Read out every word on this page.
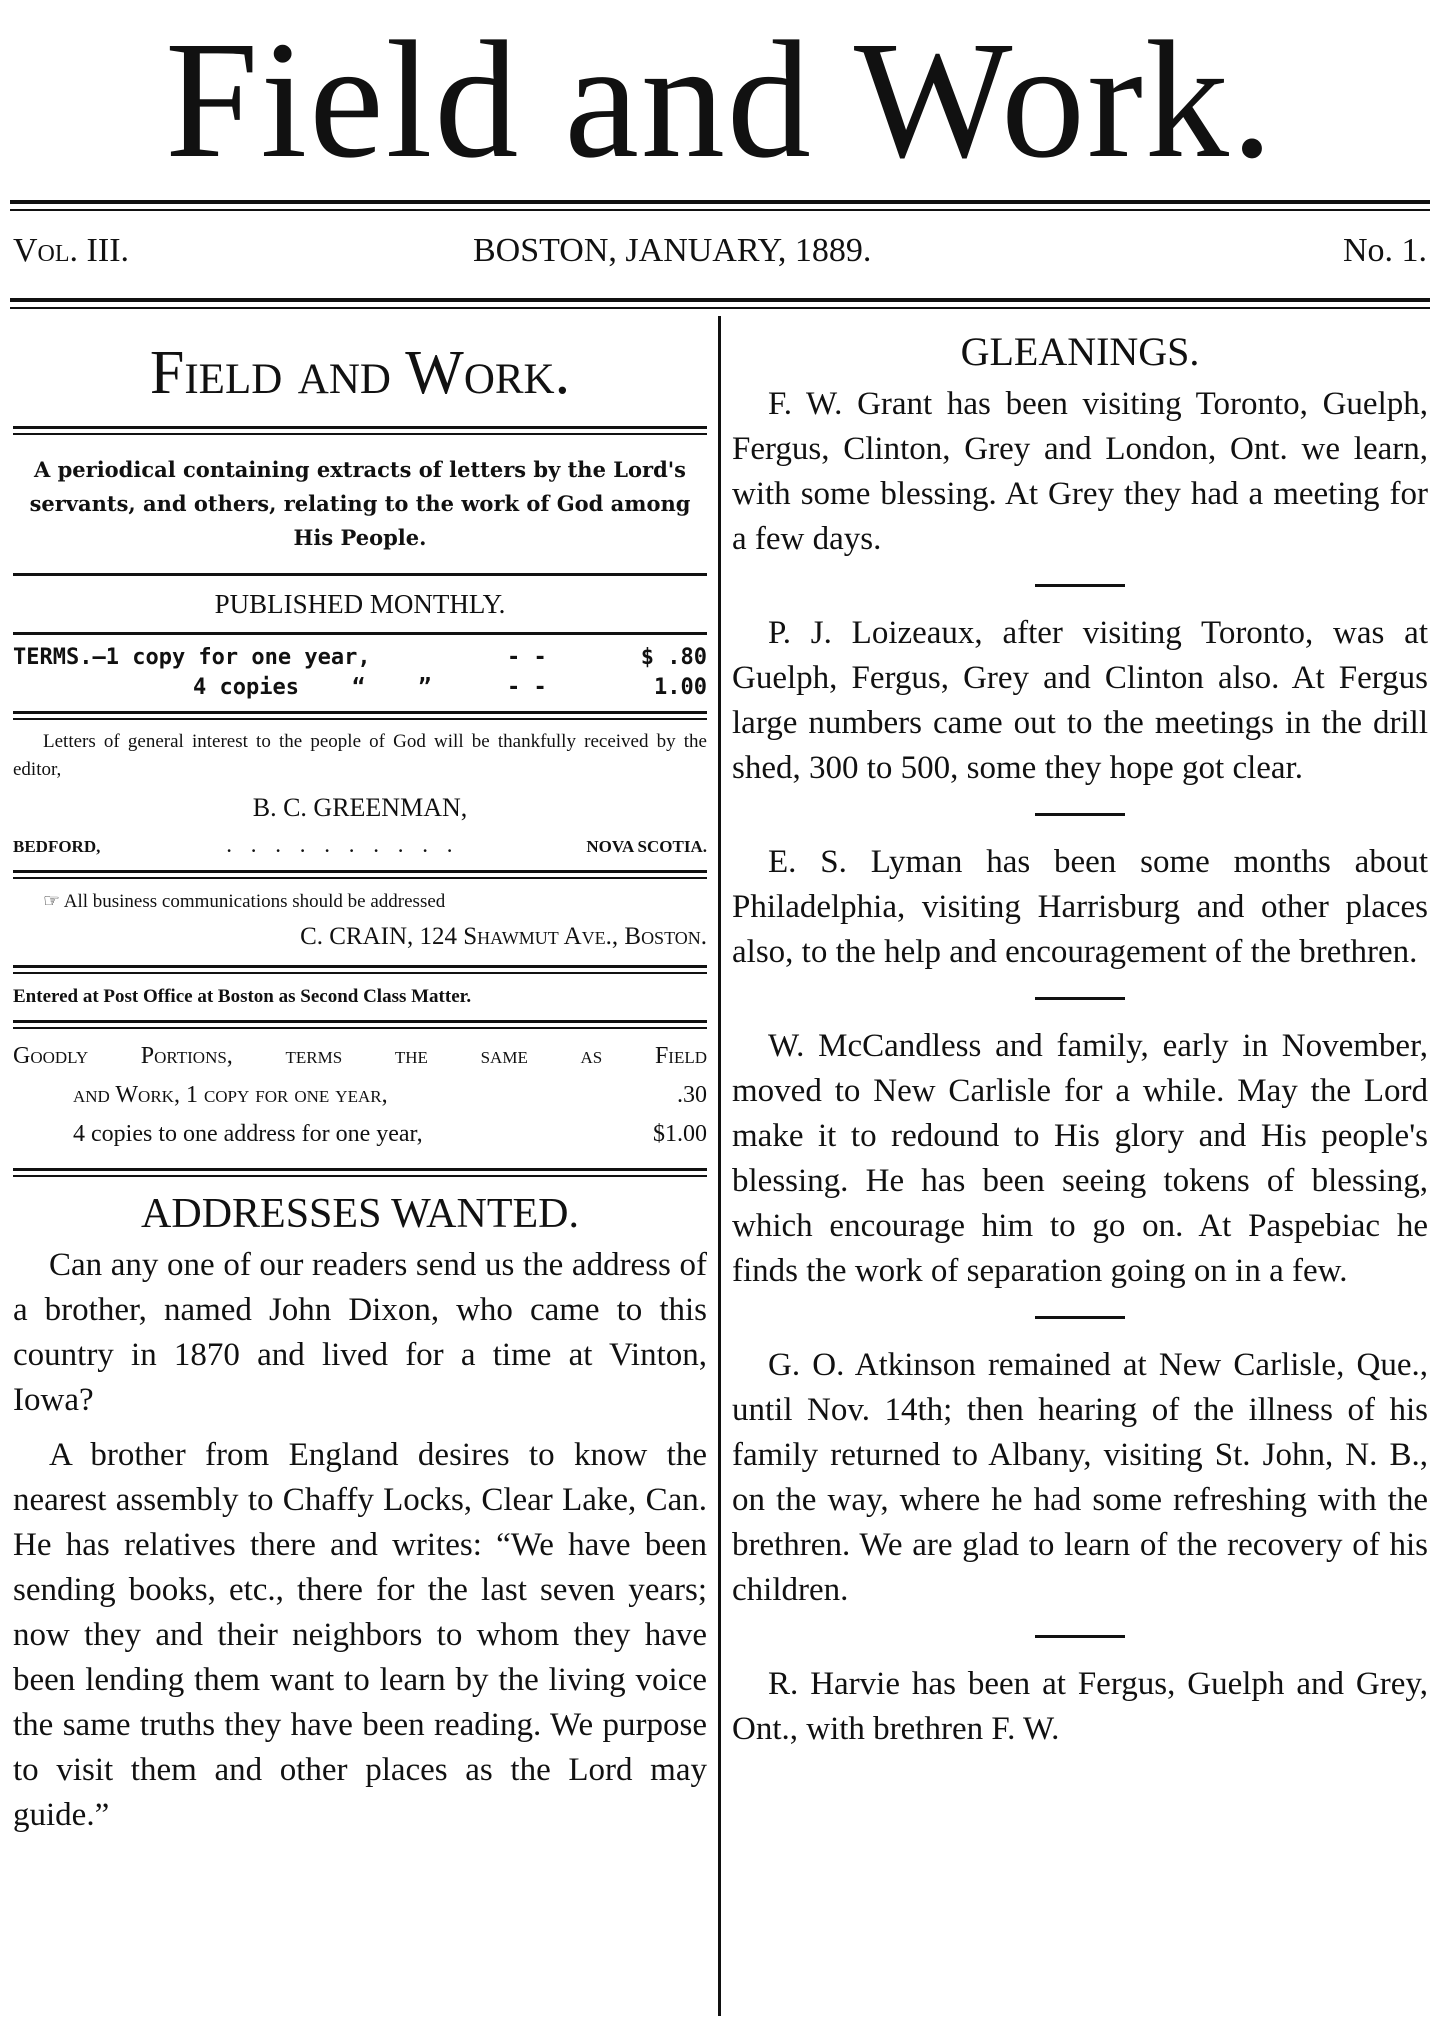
Field and Work.
Vol. III.	BOSTON, JANUARY, 1889.	No. 1.
Field and Work.
A periodical containing extracts of letters by the Lord's servants, and others, relating to the work of God among His People.
PUBLISHED MONTHLY.
TERMS.—1 copy for one year,	- -	$ .80
4 copies    “    ”	- -	1.00
Letters of general interest to the people of God will be thankfully received by the editor,
B. C. GREENMAN,
BEDFORD,	. . . . . . . . . .	NOVA SCOTIA.
☞ All business communications should be addressed
C. CRAIN, 124 Shawmut Ave., Boston.
Entered at Post Office at Boston as Second Class Matter.
Goodly Portions, terms the same as Field
and Work, 1 copy for one year,	.30
4 copies to one address for one year,	$1.00
ADDRESSES WANTED.

Can any one of our readers send us the address of a brother, named John Dixon, who came to this country in 1870 and lived for a time at Vinton, Iowa?

A brother from England desires to know the nearest assembly to Chaffy Locks, Clear Lake, Can. He has relatives there and writes: “We have been sending books, etc., there for the last seven years; now they and their neighbors to whom they have been lending them want to learn by the living voice the same truths they have been reading. We purpose to visit them and other places as the Lord may guide.”

GLEANINGS.

F. W. Grant has been visiting Toronto, Guelph, Fergus, Clinton, Grey and London, Ont. we learn, with some blessing. At Grey they had a meeting for a few days.

P. J. Loizeaux, after visiting Toronto, was at Guelph, Fergus, Grey and Clinton also. At Fergus large numbers came out to the meetings in the drill shed, 300 to 500, some they hope got clear.

E. S. Lyman has been some months about Philadelphia, visiting Harrisburg and other places also, to the help and encouragement of the brethren.

W. McCandless and family, early in November, moved to New Carlisle for a while. May the Lord make it to redound to His glory and His people's blessing. He has been seeing tokens of blessing, which encourage him to go on. At Paspebiac he finds the work of separation going on in a few.

G. O. Atkinson remained at New Carlisle, Que., until Nov. 14th; then hearing of the illness of his family returned to Albany, visiting St. John, N. B., on the way, where he had some refreshing with the brethren. We are glad to learn of the recovery of his children.

R. Harvie has been at Fergus, Guelph and Grey, Ont., with brethren F. W.
